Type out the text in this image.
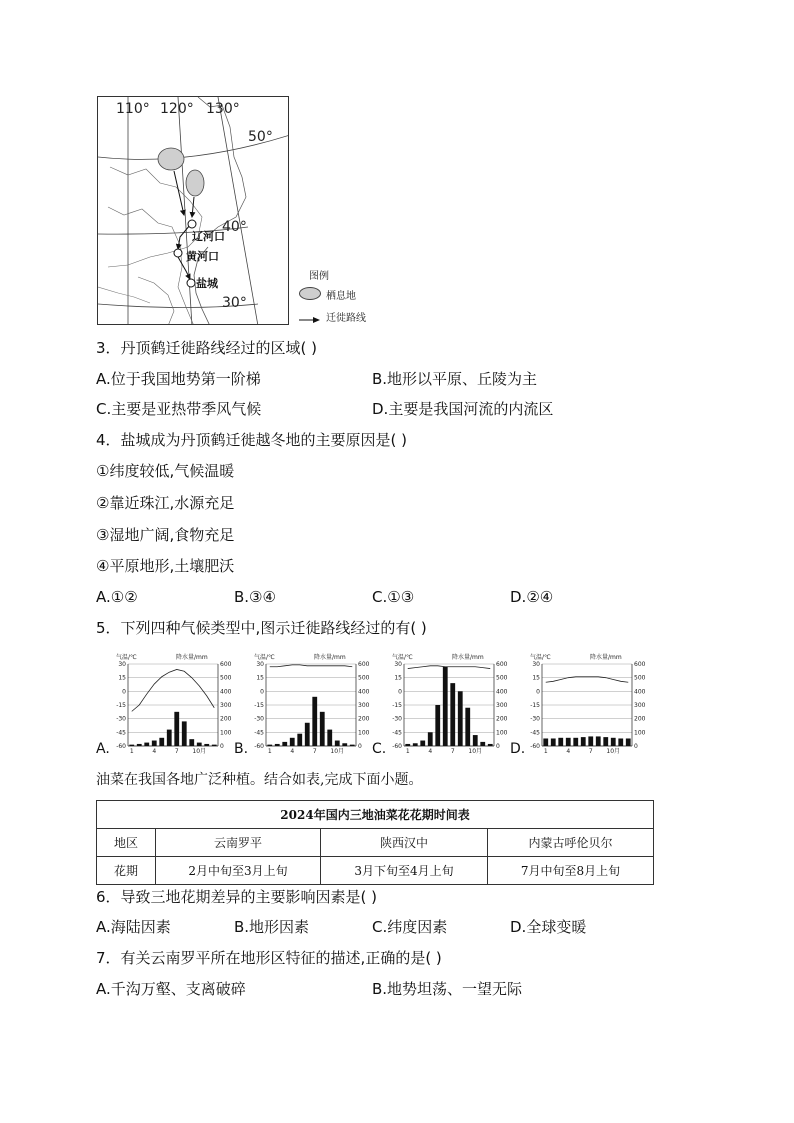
110° 120° 130°
50°
40°
30°
辽河口
黄河口
盐城
图例
栖息地
迁徙路线
3．丹顶鹤迁徙路线经过的区域( )
A.位于我国地势第一阶梯	B.地形以平原、丘陵为主
C.主要是亚热带季风气候	D.主要是我国河流的内流区
4．盐城成为丹顶鹤迁徙越冬地的主要原因是( )
①纬度较低,气候温暖
②靠近珠江,水源充足
③湿地广阔,食物充足
④平原地形,土壤肥沃
A.①②	B.③④	C.①③	D.②④
5．下列四种气候类型中,图示迁徙路线经过的有( )
A.	B.	C.	D.
气温/℃	降水量/mm
30	600
15	500
0	400
-15	300
-30	200
-45	100
-60	0
1	4	7 10月
气温/℃	降水量/mm
30	600
15	500
0	400
-15	300
-30	200
-45	100
-60	0
1	4	7 10月
气温/℃	降水量/mm
30	600
15	500
0	400
-15	300
-30	200
-45	100
-60	0
1	4	7 10月
气温/℃	降水量/mm
30	600
15	500
0	400
-15	300
-30	200
-45	100
-60	0
1	4	7 10月
油菜在我国各地广泛种植。结合如表,完成下面小题。
2024年国内三地油菜花花期时间表			
地区	云南罗平	陕西汉中	内蒙古呼伦贝尔
花期	2月中旬至3月上旬	3月下旬至4月上旬	7月中旬至8月上旬
6．导致三地花期差异的主要影响因素是( )
A.海陆因素	B.地形因素	C.纬度因素	D.全球变暖
7．有关云南罗平所在地形区特征的描述,正确的是( )
A.千沟万壑、支离破碎	B.地势坦荡、一望无际
